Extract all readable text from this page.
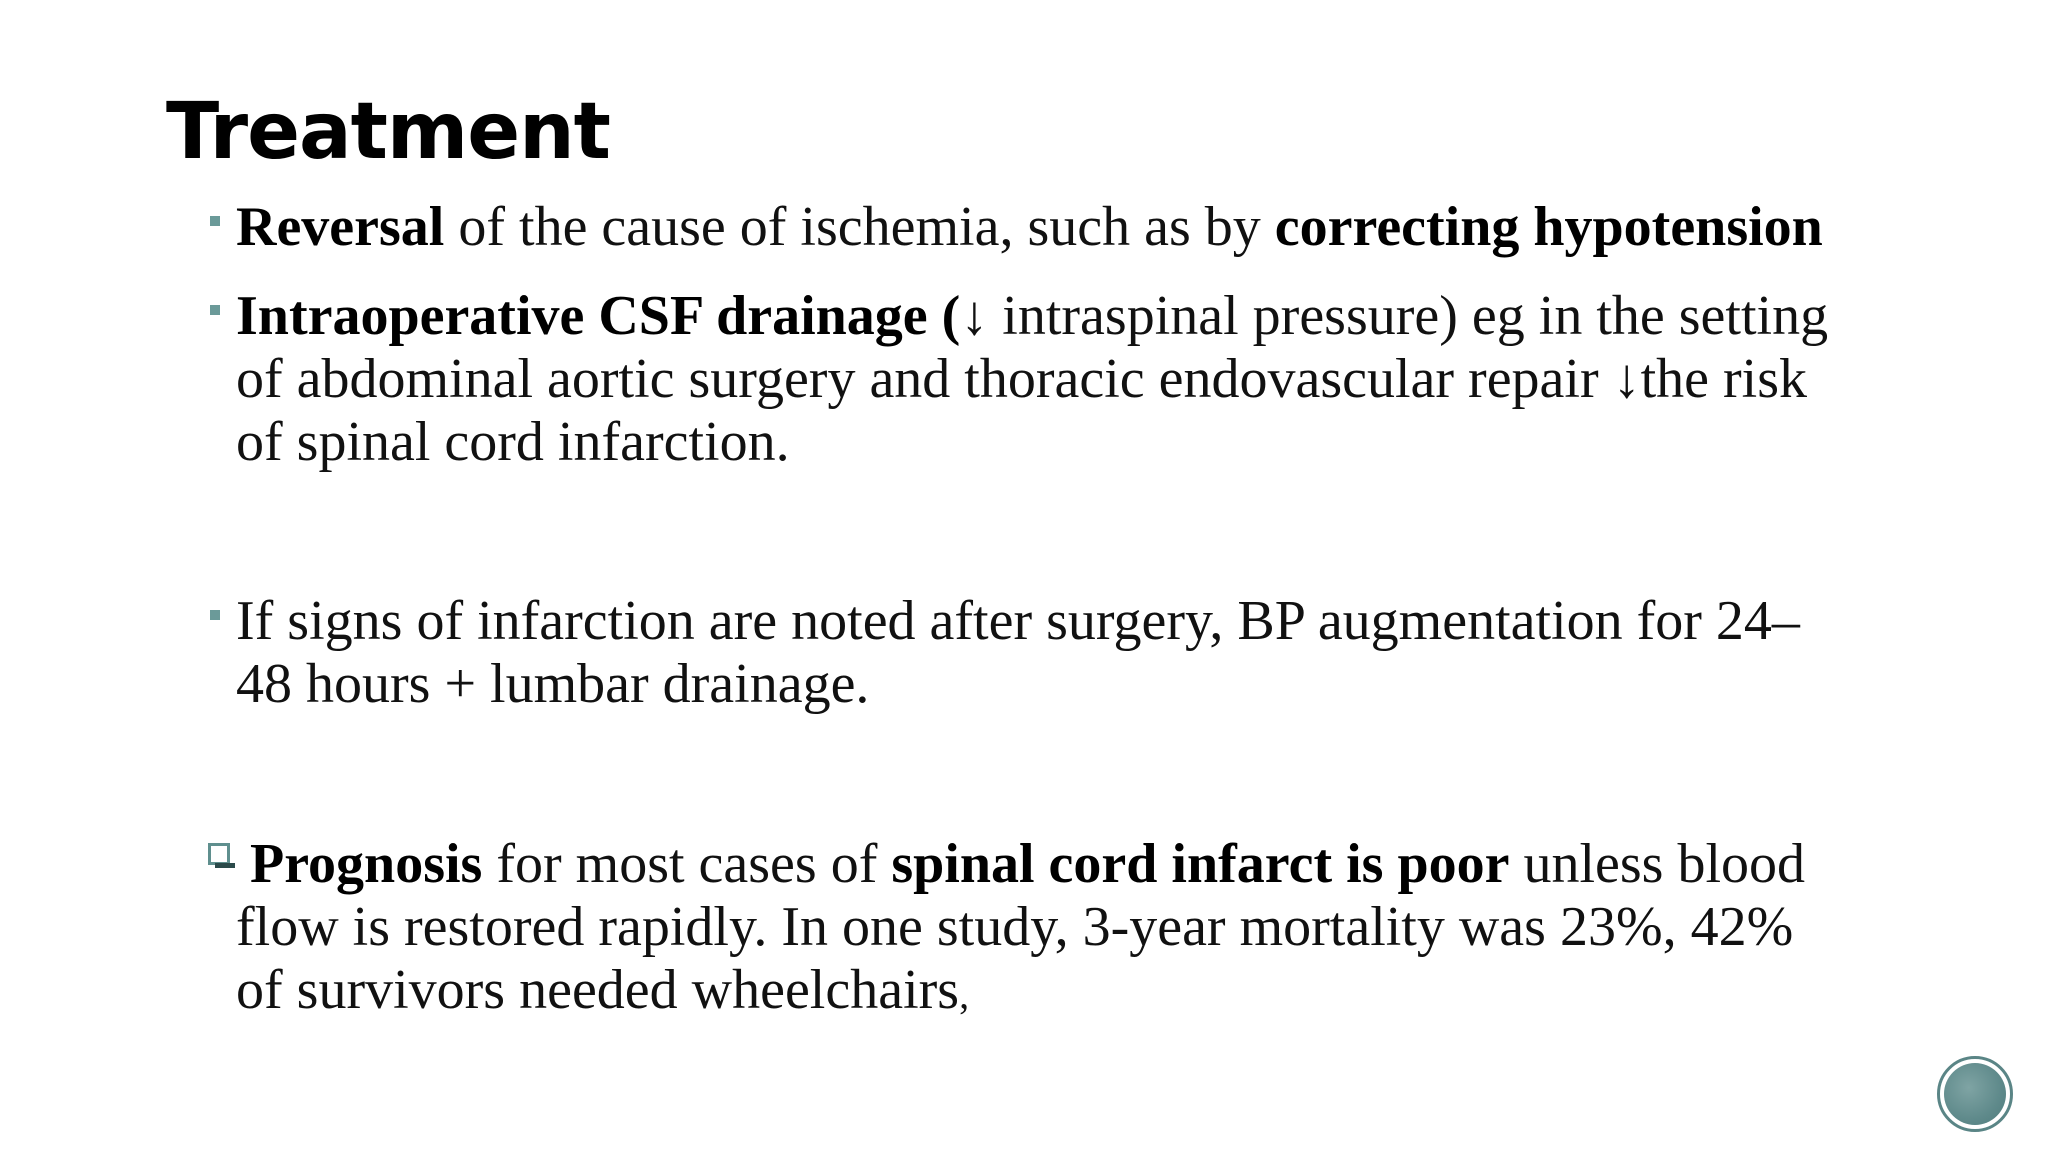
Treatment
Reversal of the cause of ischemia, such as by correcting hypotension
Intraoperative CSF drainage (↓ intraspinal pressure) eg in the setting
of abdominal aortic surgery and thoracic endovascular repair ↓the risk
of spinal cord infarction.
If signs of infarction are noted after surgery, BP augmentation for 24–
48 hours + lumbar drainage.
Prognosis for most cases of spinal cord infarct is poor unless blood
flow is restored rapidly. In one study, 3-year mortality was 23%, 42%
of survivors needed wheelchairs,
